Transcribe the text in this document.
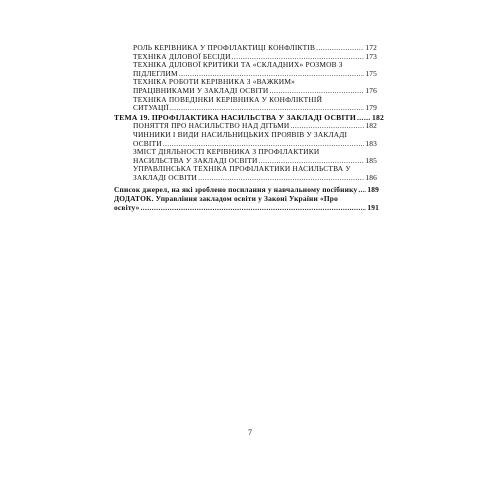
РОЛЬ КЕРІВНИКА У ПРОФІЛАКТИЦІ КОНФЛІКТІВ .....	172
ТЕХНІКА ДІЛОВОЇ БЕСІДИ .....	173
ТЕХНІКА ДІЛОВОЇ КРИТИКИ ТА «СКЛАДНИХ» РОЗМОВ З
ПІДЛЕГЛИМ .....	175
ТЕХНІКА РОБОТИ КЕРІВНИКА З «ВАЖКИМ»
ПРАЦІВНИКАМИ У ЗАКЛАДІ ОСВІТИ .....	176
ТЕХНІКА ПОВЕДІНКИ КЕРІВНИКА У КОНФЛІКТНІЙ
СИТУАЦІЇ .....	179
ТЕМА 19. ПРОФІЛАКТИКА НАСИЛЬСТВА У ЗАКЛАДІ ОСВІТИ ..... 182
ПОНЯТТЯ ПРО НАСИЛЬСТВО НАД ДІТЬМИ .....	182
ЧИННИКИ І ВИДИ НАСИЛЬНИЦЬКИХ ПРОЯВІВ У ЗАКЛАДІ
ОСВІТИ .....	183
ЗМІСТ ДІЯЛЬНОСТІ КЕРІВНИКА З ПРОФІЛАКТИКИ
НАСИЛЬСТВА У ЗАКЛАДІ ОСВІТИ .....	185
УПРАВЛІНСЬКА ТЕХНІКА ПРОФІЛАКТИКИ НАСИЛЬСТВА У
ЗАКЛАДІ ОСВІТИ .....	186
Список джерел, на які зроблено посилання у навчальному посібнику ..... 189
ДОДАТОК. Управління закладом освіти у Законі України «Про
освіту» .....	191
7
